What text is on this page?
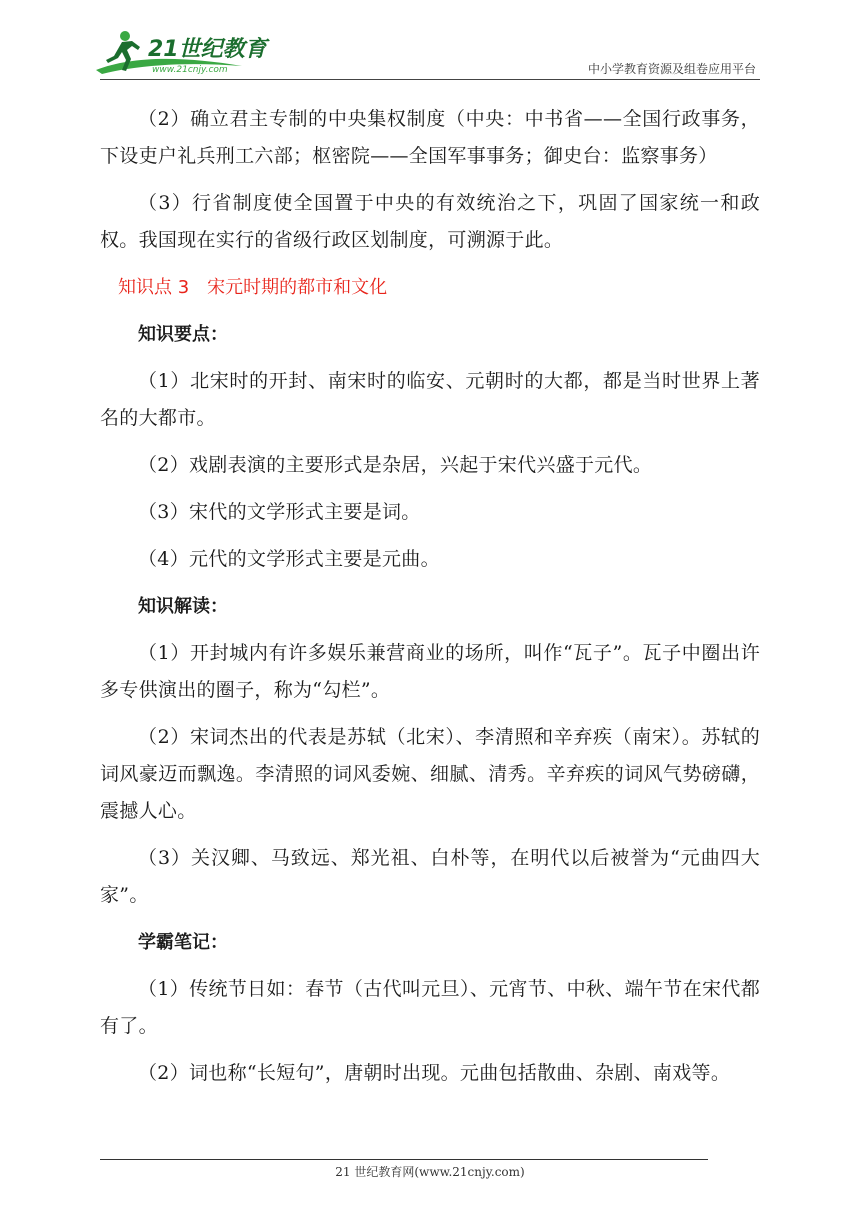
21世纪教育
www.21cnjy.com	中小学教育资源及组卷应用平台

（2）确立君主专制的中央集权制度（中央：中书省——全国行政事务，下设吏户礼兵刑工六部；枢密院——全国军事事务；御史台：监察事务）

（3）行省制度使全国置于中央的有效统治之下，巩固了国家统一和政权。我国现在实行的省级行政区划制度，可溯源于此。

知识点 3　宋元时期的都市和文化

知识要点：

（1）北宋时的开封、南宋时的临安、元朝时的大都，都是当时世界上著名的大都市。

（2）戏剧表演的主要形式是杂居，兴起于宋代兴盛于元代。

（3）宋代的文学形式主要是词。

（4）元代的文学形式主要是元曲。

知识解读：

（1）开封城内有许多娱乐兼营商业的场所，叫作“瓦子”。瓦子中圈出许多专供演出的圈子，称为“勾栏”。

（2）宋词杰出的代表是苏轼（北宋）、李清照和辛弃疾（南宋）。苏轼的词风豪迈而飘逸。李清照的词风委婉、细腻、清秀。辛弃疾的词风气势磅礴，震撼人心。

（3）关汉卿、马致远、郑光祖、白朴等，在明代以后被誉为“元曲四大家”。

学霸笔记：

（1）传统节日如：春节（古代叫元旦）、元宵节、中秋、端午节在宋代都有了。

（2）词也称“长短句”，唐朝时出现。元曲包括散曲、杂剧、南戏等。

21 世纪教育网(www.21cnjy.com)
